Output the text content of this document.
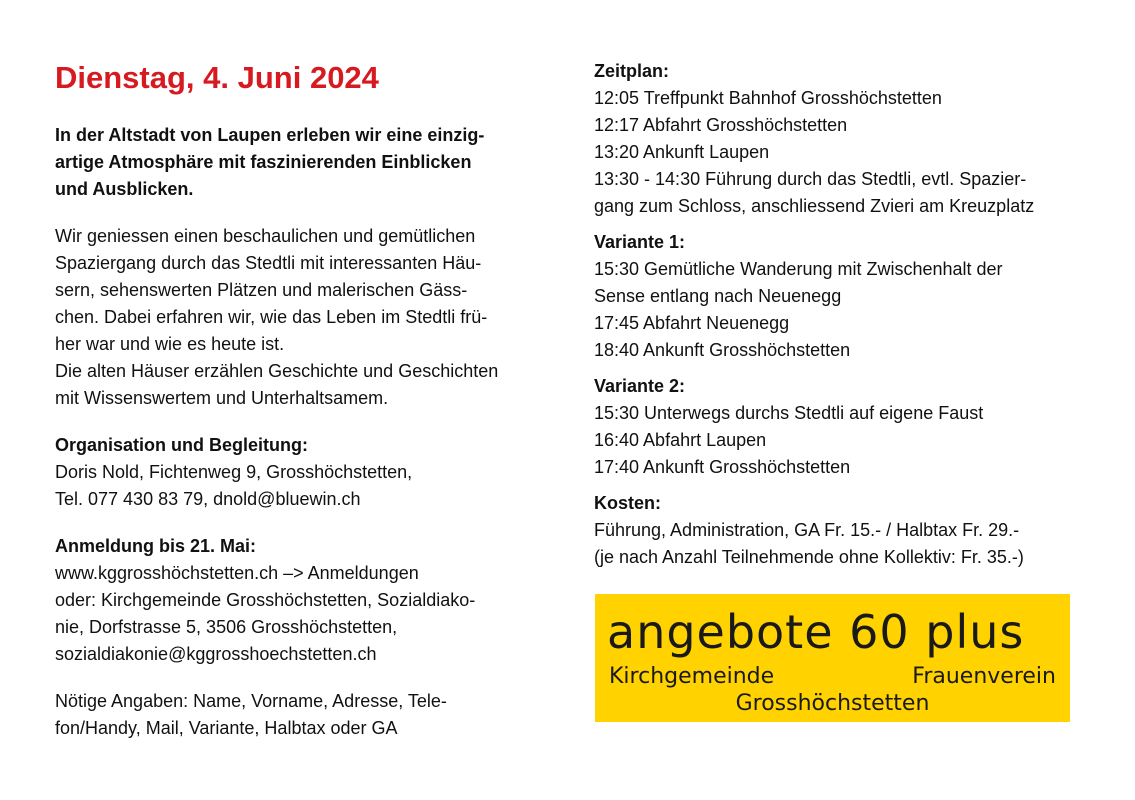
Dienstag, 4. Juni 2024
In der Altstadt von Laupen erleben wir eine einzig-
artige Atmosphäre mit faszinierenden Einblicken
und Ausblicken.
Wir geniessen einen beschaulichen und gemütlichen
Spaziergang durch das Stedtli mit interessanten Häu-
sern, sehenswerten Plätzen und malerischen Gäss-
chen. Dabei erfahren wir, wie das Leben im Stedtli frü-
her war und wie es heute ist.
Die alten Häuser erzählen Geschichte und Geschichten
mit Wissenswertem und Unterhaltsamem.
Organisation und Begleitung:
Doris Nold, Fichtenweg 9, Grosshöchstetten,
Tel. 077 430 83 79, dnold@bluewin.ch
Anmeldung bis 21. Mai:
www.kggrosshöchstetten.ch –> Anmeldungen
oder: Kirchgemeinde Grosshöchstetten, Sozialdiako-
nie, Dorfstrasse 5, 3506 Grosshöchstetten,
sozialdiakonie@kggrosshoechstetten.ch
Nötige Angaben: Name, Vorname, Adresse, Tele-
fon/Handy, Mail, Variante, Halbtax oder GA
Zeitplan:
12:05 Treffpunkt Bahnhof Grosshöchstetten
12:17 Abfahrt Grosshöchstetten
13:20 Ankunft Laupen
13:30 - 14:30 Führung durch das Stedtli, evtl. Spazier-
gang zum Schloss, anschliessend Zvieri am Kreuzplatz
Variante 1:
15:30 Gemütliche Wanderung mit Zwischenhalt der
Sense entlang nach Neuenegg
17:45 Abfahrt Neuenegg
18:40 Ankunft Grosshöchstetten
Variante 2:
15:30 Unterwegs durchs Stedtli auf eigene Faust
16:40 Abfahrt Laupen
17:40 Ankunft Grosshöchstetten
Kosten:
Führung, Administration, GA Fr. 15.- / Halbtax Fr. 29.-
(je nach Anzahl Teilnehmende ohne Kollektiv: Fr. 35.-)
angebote 60 plus
Kirchgemeinde	Frauenverein
Grosshöchstetten
